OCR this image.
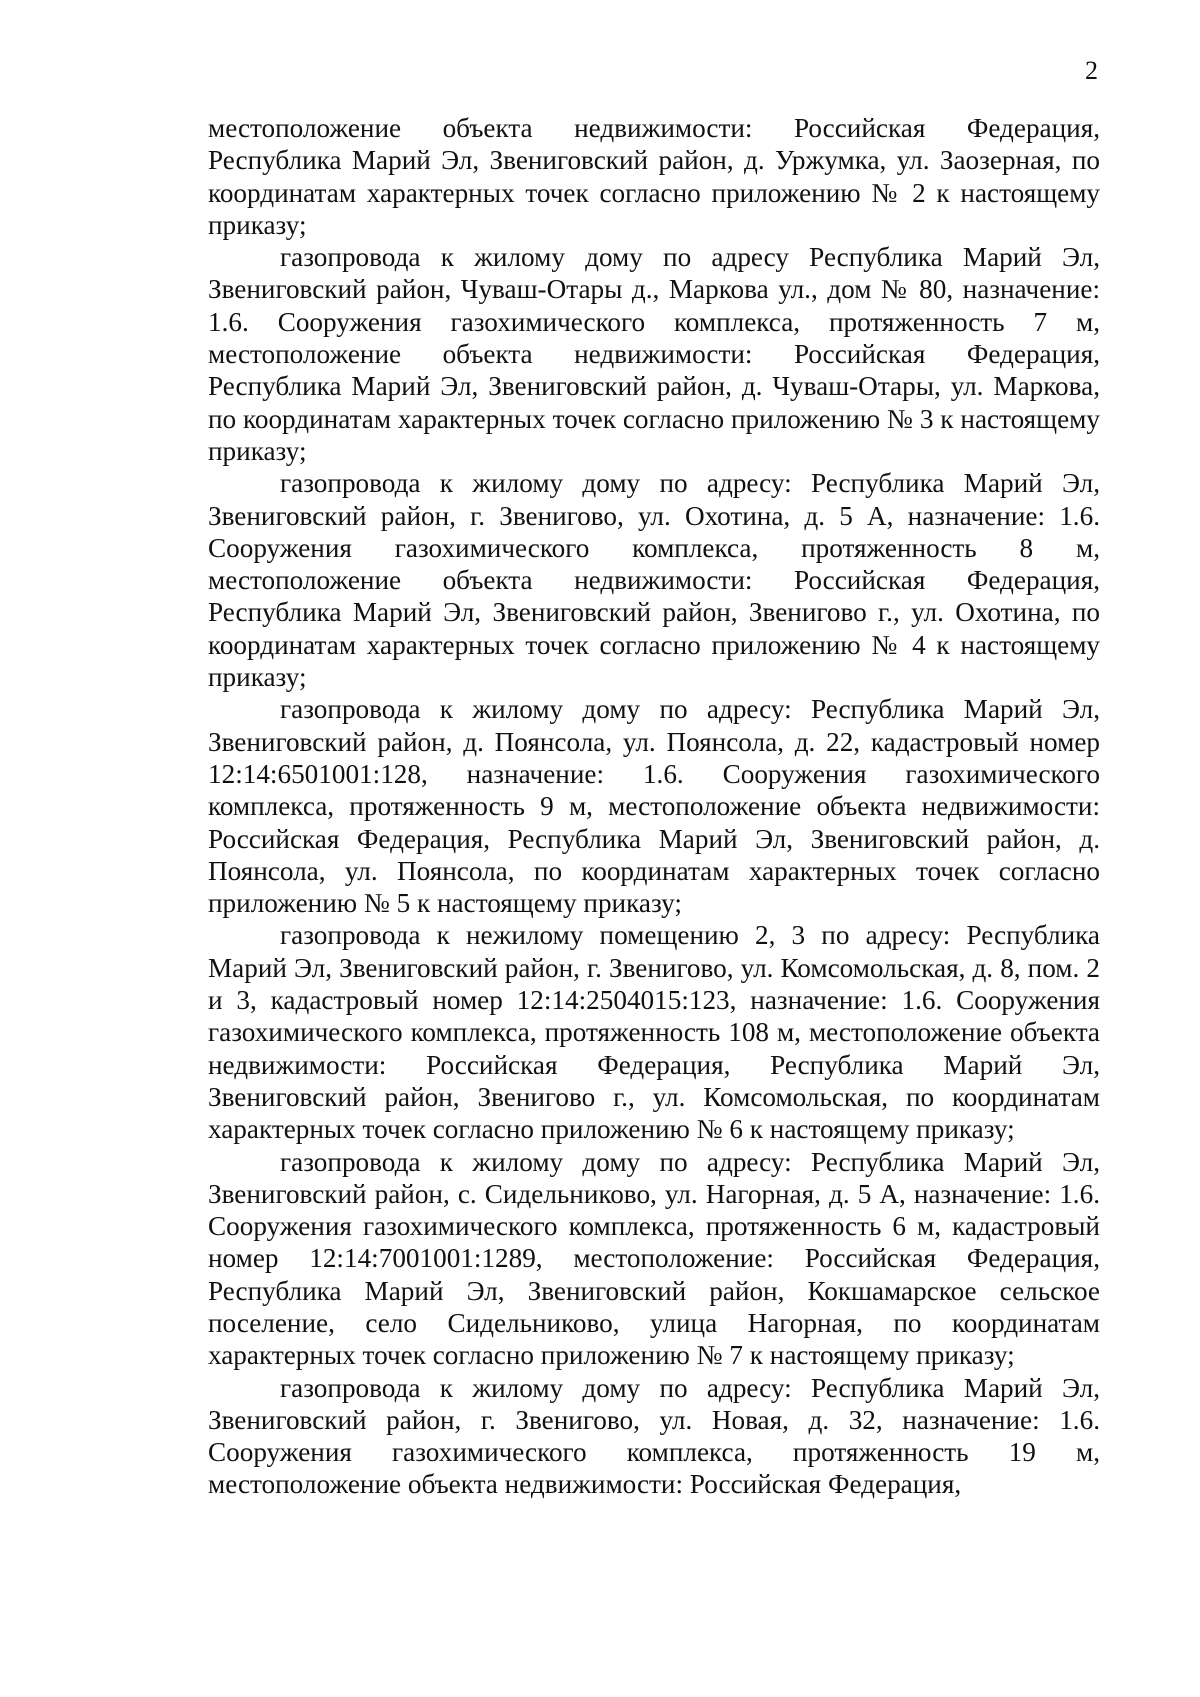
2

местоположение объекта недвижимости: Российская Федерация, Республика Марий Эл, Звениговский район, д. Уржумка, ул. Заозерная, по координатам характерных точек согласно приложению № 2 к настоящему приказу;

газопровода к жилому дому по адресу Республика Марий Эл, Звениговский район, Чуваш-Отары д., Маркова ул., дом № 80, назначение: 1.6. Сооружения газохимического комплекса, протяженность 7 м, местоположение объекта недвижимости: Российская Федерация, Республика Марий Эл, Звениговский район, д. Чуваш-Отары, ул. Маркова, по координатам характерных точек согласно приложению № 3 к настоящему приказу;

газопровода к жилому дому по адресу: Республика Марий Эл, Звениговский район, г. Звенигово, ул. Охотина, д. 5 А, назначение: 1.6. Сооружения газохимического комплекса, протяженность 8 м, местоположение объекта недвижимости: Российская Федерация, Республика Марий Эл, Звениговский район, Звенигово г., ул. Охотина, по координатам характерных точек согласно приложению № 4 к настоящему приказу;

газопровода к жилому дому по адресу: Республика Марий Эл, Звениговский район, д. Поянсола, ул. Поянсола, д. 22, кадастровый номер 12:14:6501001:128, назначение: 1.6. Сооружения газохимического комплекса, протяженность 9 м, местоположение объекта недвижимости: Российская Федерация, Республика Марий Эл, Звениговский район, д. Поянсола, ул. Поянсола, по координатам характерных точек согласно приложению № 5 к настоящему приказу;

газопровода к нежилому помещению 2, 3 по адресу: Республика Марий Эл, Звениговский район, г. Звенигово, ул. Комсомольская, д. 8, пом. 2 и 3, кадастровый номер 12:14:2504015:123, назначение: 1.6. Сооружения газохимического комплекса, протяженность 108 м, местоположение объекта недвижимости: Российская Федерация, Республика Марий Эл, Звениговский район, Звенигово г., ул. Комсомольская, по координатам характерных точек согласно приложению № 6 к настоящему приказу;

газопровода к жилому дому по адресу: Республика Марий Эл, Звениговский район, с. Сидельниково, ул. Нагорная, д. 5 А, назначение: 1.6. Сооружения газохимического комплекса, протяженность 6 м, кадастровый номер 12:14:7001001:1289, местоположение: Российская Федерация, Республика Марий Эл, Звениговский район, Кокшамарское сельское поселение, село Сидельниково, улица Нагорная, по координатам характерных точек согласно приложению № 7 к настоящему приказу;

газопровода к жилому дому по адресу: Республика Марий Эл, Звениговский район, г. Звенигово, ул. Новая, д. 32, назначение: 1.6. Сооружения газохимического комплекса, протяженность 19 м, местоположение объекта недвижимости: Российская Федерация,
